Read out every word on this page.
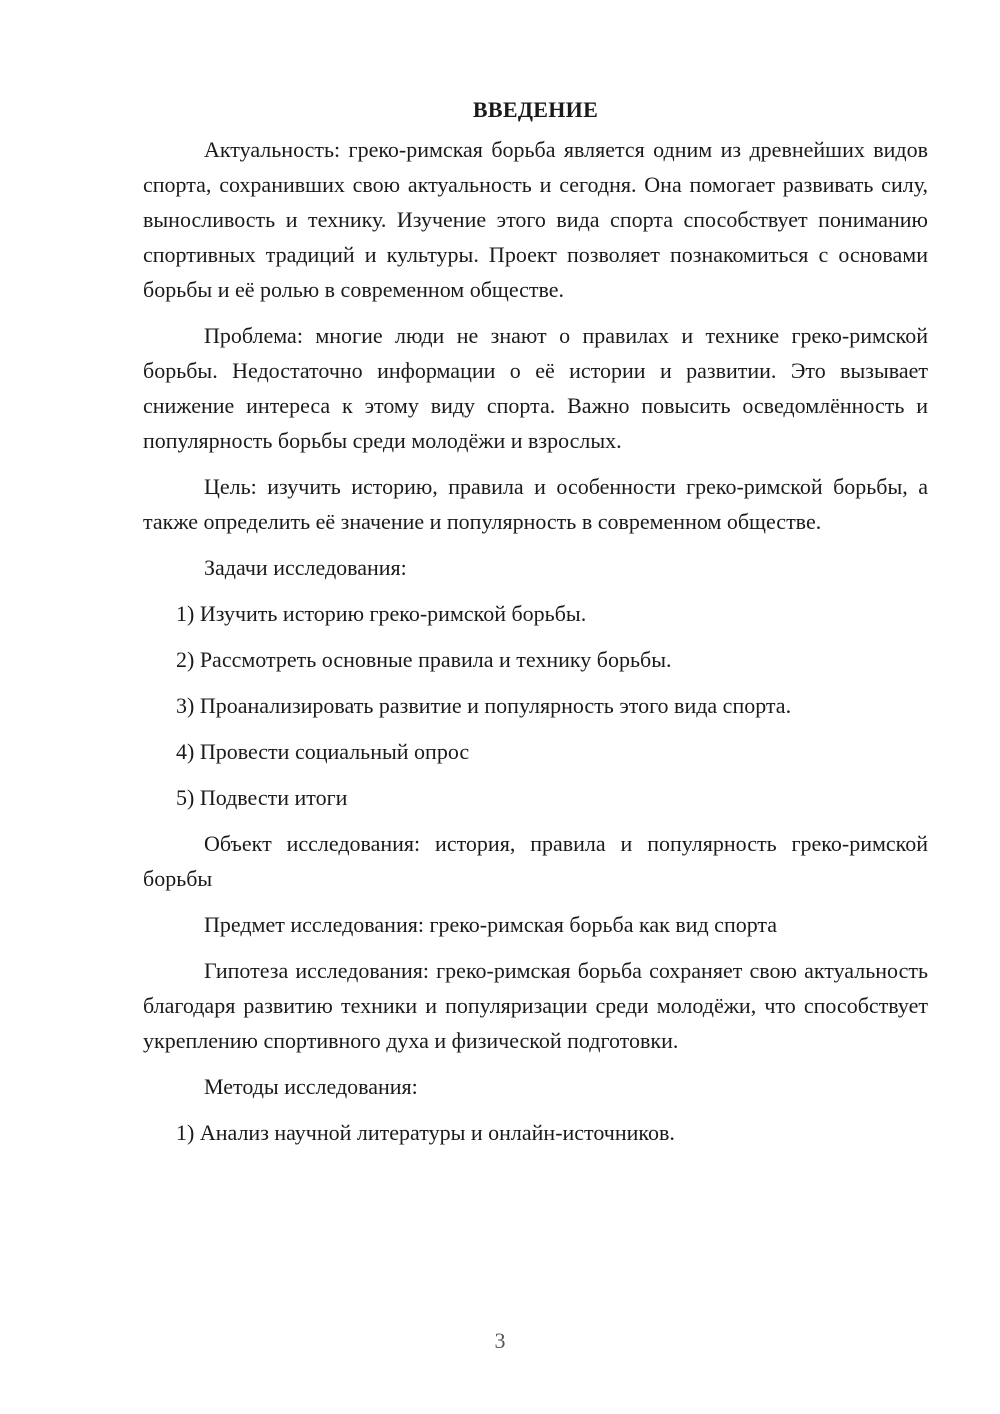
ВВЕДЕНИЕ

Актуальность: греко-римская борьба является одним из древнейших видов спорта, сохранивших свою актуальность и сегодня. Она помогает развивать силу, выносливость и технику. Изучение этого вида спорта способствует пониманию спортивных традиций и культуры. Проект позволяет познакомиться с основами борьбы и её ролью в современном обществе.

Проблема: многие люди не знают о правилах и технике греко-римской борьбы. Недостаточно информации о её истории и развитии. Это вызывает снижение интереса к этому виду спорта. Важно повысить осведомлённость и популярность борьбы среди молодёжи и взрослых.

Цель: изучить историю, правила и особенности греко-римской борьбы, а также определить её значение и популярность в современном обществе.

Задачи исследования:

1) Изучить историю греко-римской борьбы.

2) Рассмотреть основные правила и технику борьбы.

3) Проанализировать развитие и популярность этого вида спорта.

4) Провести социальный опрос

5) Подвести итоги

Объект исследования: история, правила и популярность греко-римской борьбы

Предмет исследования: греко-римская борьба как вид спорта

Гипотеза исследования: греко-римская борьба сохраняет свою актуальность благодаря развитию техники и популяризации среди молодёжи, что способствует укреплению спортивного духа и физической подготовки.

Методы исследования:

1) Анализ научной литературы и онлайн-источников.

3
